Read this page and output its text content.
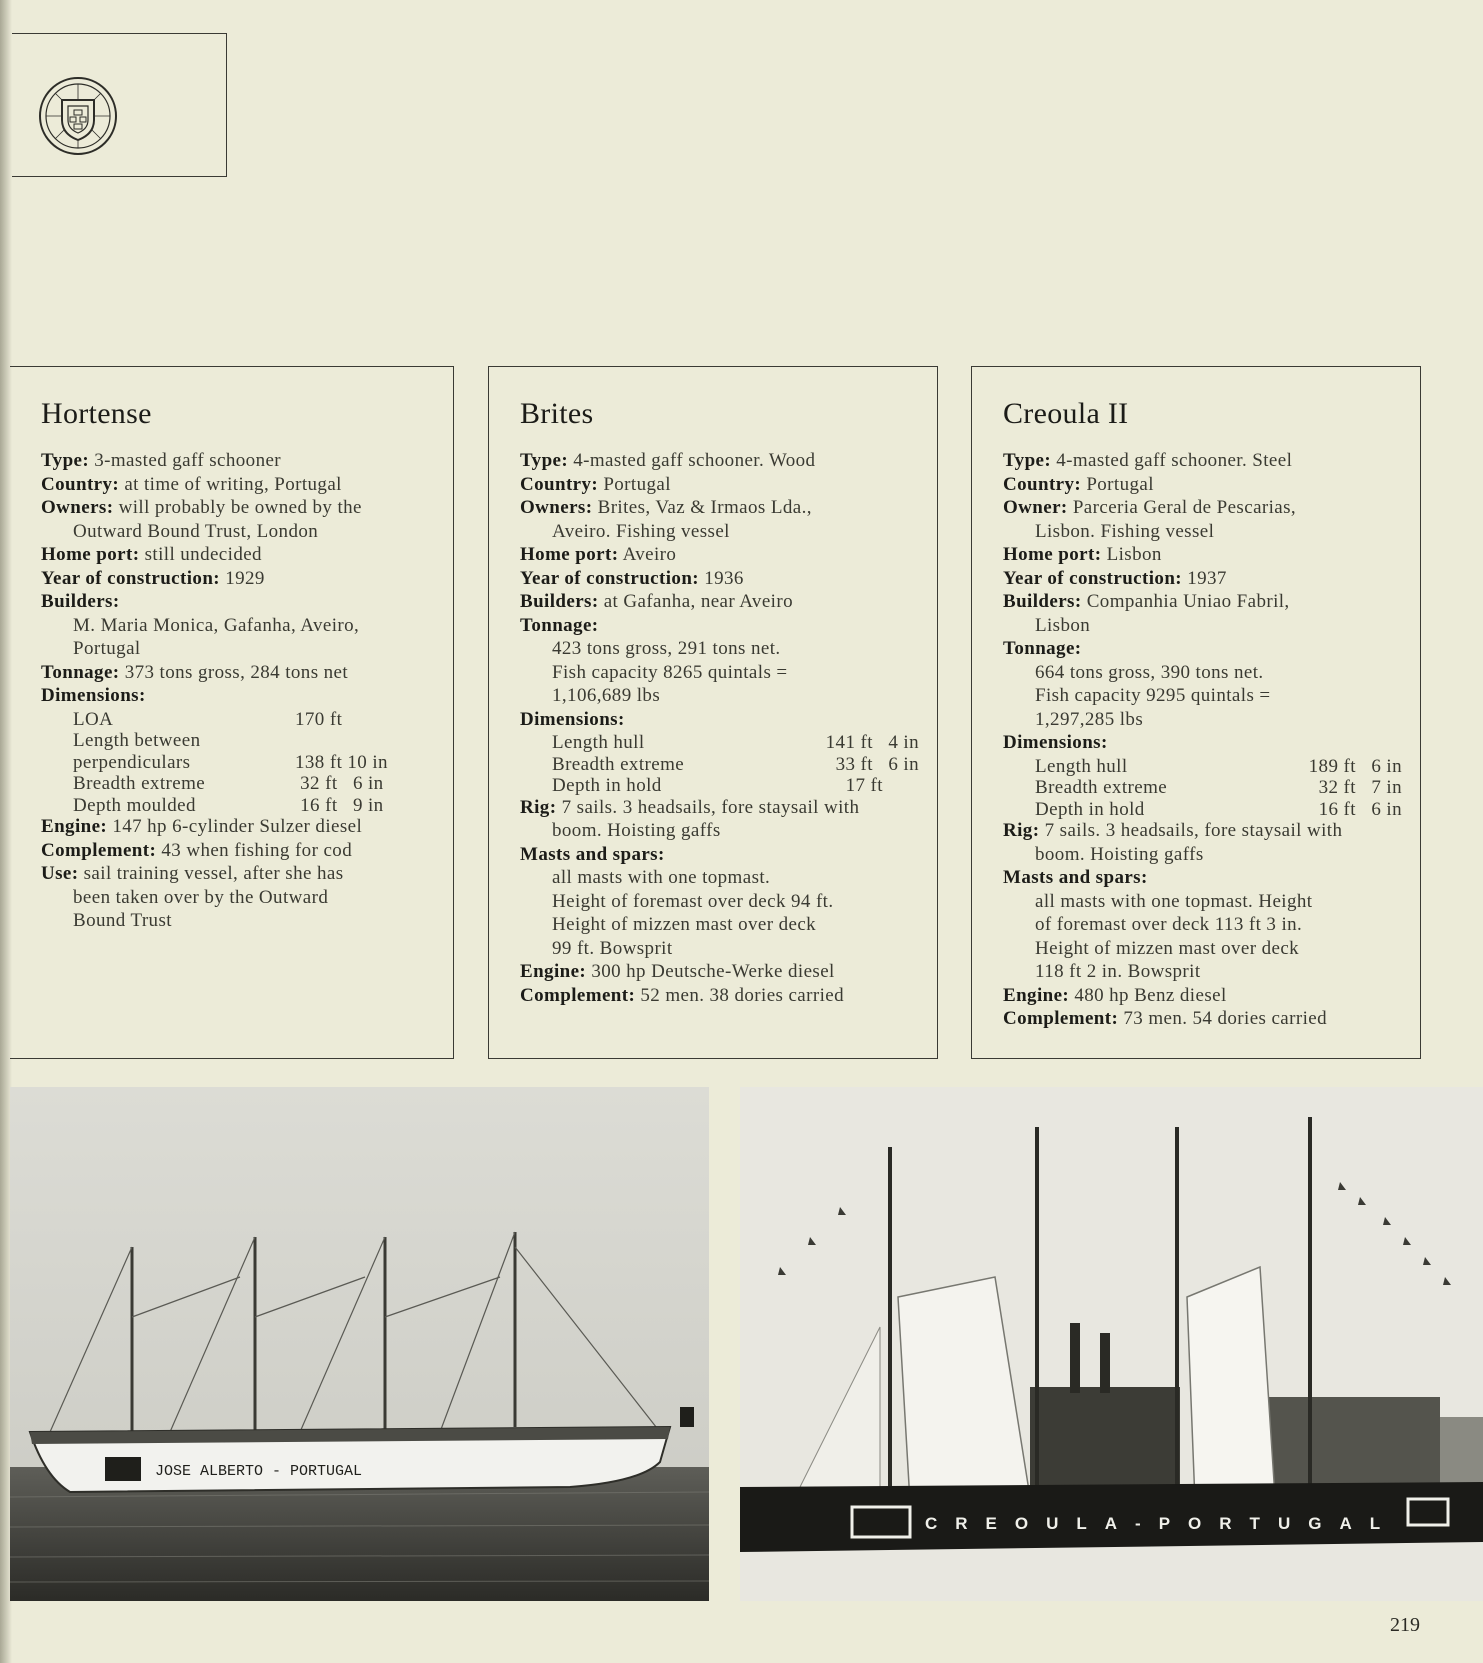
Hortense
Type: 3-masted gaff schooner
Country: at time of writing, Portugal
Owners: will probably be owned by the
Outward Bound Trust, London
Home port: still undecided
Year of construction: 1929
Builders:
M. Maria Monica, Gafanha, Aveiro,
Portugal
Tonnage: 373 tons gross, 284 tons net
Dimensions:
LOA	170 ft
Length between
perpendiculars	138 ft 10 in
Breadth extreme	32 ft   6 in
Depth moulded	16 ft   9 in
Engine: 147 hp 6-cylinder Sulzer diesel
Complement: 43 when fishing for cod
Use: sail training vessel, after she has
been taken over by the Outward
Bound Trust
Brites
Type: 4-masted gaff schooner. Wood
Country: Portugal
Owners: Brites, Vaz & Irmaos Lda.,
Aveiro. Fishing vessel
Home port: Aveiro
Year of construction: 1936
Builders: at Gafanha, near Aveiro
Tonnage:
423 tons gross, 291 tons net.
Fish capacity 8265 quintals =
1,106,689 lbs
Dimensions:
Length hull	141 ft   4 in
Breadth extreme	33 ft   6 in
Depth in hold	17 ft
Rig: 7 sails. 3 headsails, fore staysail with
boom. Hoisting gaffs
Masts and spars:
all masts with one topmast.
Height of foremast over deck 94 ft.
Height of mizzen mast over deck
99 ft. Bowsprit
Engine: 300 hp Deutsche-Werke diesel
Complement: 52 men. 38 dories carried
Creoula II
Type: 4-masted gaff schooner. Steel
Country: Portugal
Owner: Parceria Geral de Pescarias,
Lisbon. Fishing vessel
Home port: Lisbon
Year of construction: 1937
Builders: Companhia Uniao Fabril,
Lisbon
Tonnage:
664 tons gross, 390 tons net.
Fish capacity 9295 quintals =
1,297,285 lbs
Dimensions:
Length hull	189 ft   6 in
Breadth extreme	32 ft   7 in
Depth in hold	16 ft   6 in
Rig: 7 sails. 3 headsails, fore staysail with
boom. Hoisting gaffs
Masts and spars:
all masts with one topmast. Height
of foremast over deck 113 ft 3 in.
Height of mizzen mast over deck
118 ft 2 in. Bowsprit
Engine: 480 hp Benz diesel
Complement: 73 men. 54 dories carried
JOSE ALBERTO - PORTUGAL
CREOULA-PORTUGAL
219
